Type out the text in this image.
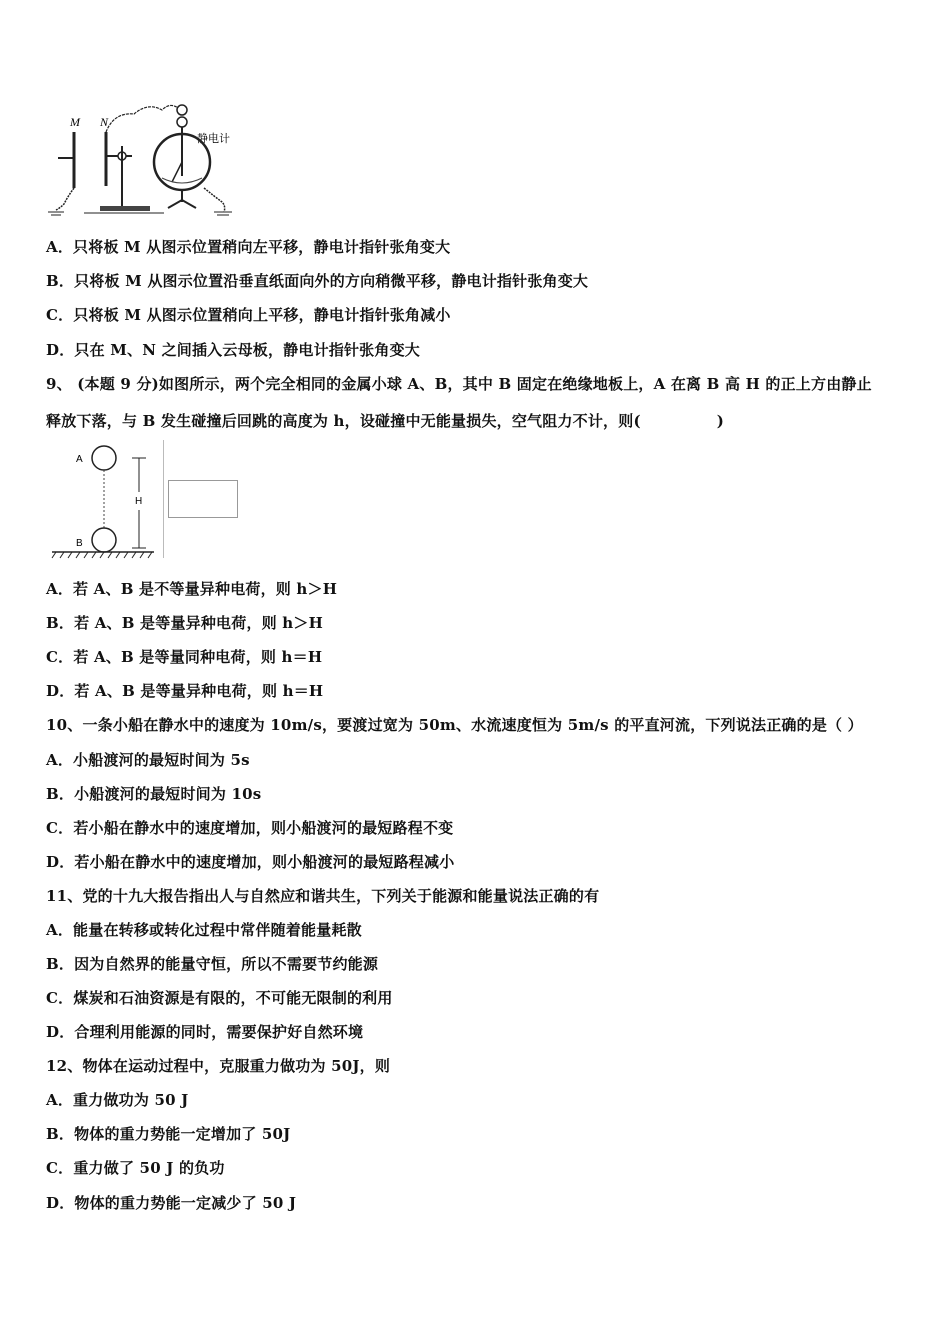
M N
静电计
A．只将板 M 从图示位置稍向左平移，静电计指针张角变大
B．只将板 M 从图示位置沿垂直纸面向外的方向稍微平移，静电计指针张角变大
C．只将板 M 从图示位置稍向上平移，静电计指针张角减小
D．只在 M、N 之间插入云母板，静电计指针张角变大
9、 (本题 9 分)如图所示，两个完全相同的金属小球 A、B，其中 B 固定在绝缘地板上，A 在离 B 高 H 的正上方由静止
释放下落，与 B 发生碰撞后回跳的高度为 h，设碰撞中无能量损失，空气阻力不计，则(　　　　　)
A
B
H
A．若 A、B 是不等量异种电荷，则 h＞H
B．若 A、B 是等量异种电荷，则 h＞H
C．若 A、B 是等量同种电荷，则 h＝H
D．若 A、B 是等量异种电荷，则 h＝H
10、一条小船在静水中的速度为 10m/s，要渡过宽为 50m、水流速度恒为 5m/s 的平直河流，下列说法正确的是（ ）
A．小船渡河的最短时间为 5s
B．小船渡河的最短时间为 10s
C．若小船在静水中的速度增加，则小船渡河的最短路程不变
D．若小船在静水中的速度增加，则小船渡河的最短路程减小
11、党的十九大报告指出人与自然应和谐共生，下列关于能源和能量说法正确的有
A．能量在转移或转化过程中常伴随着能量耗散
B．因为自然界的能量守恒，所以不需要节约能源
C．煤炭和石油资源是有限的，不可能无限制的利用
D．合理利用能源的同时，需要保护好自然环境
12、物体在运动过程中，克服重力做功为 50J，则
A．重力做功为 50 J
B．物体的重力势能一定增加了 50J
C．重力做了 50 J 的负功
D．物体的重力势能一定减少了 50 J
